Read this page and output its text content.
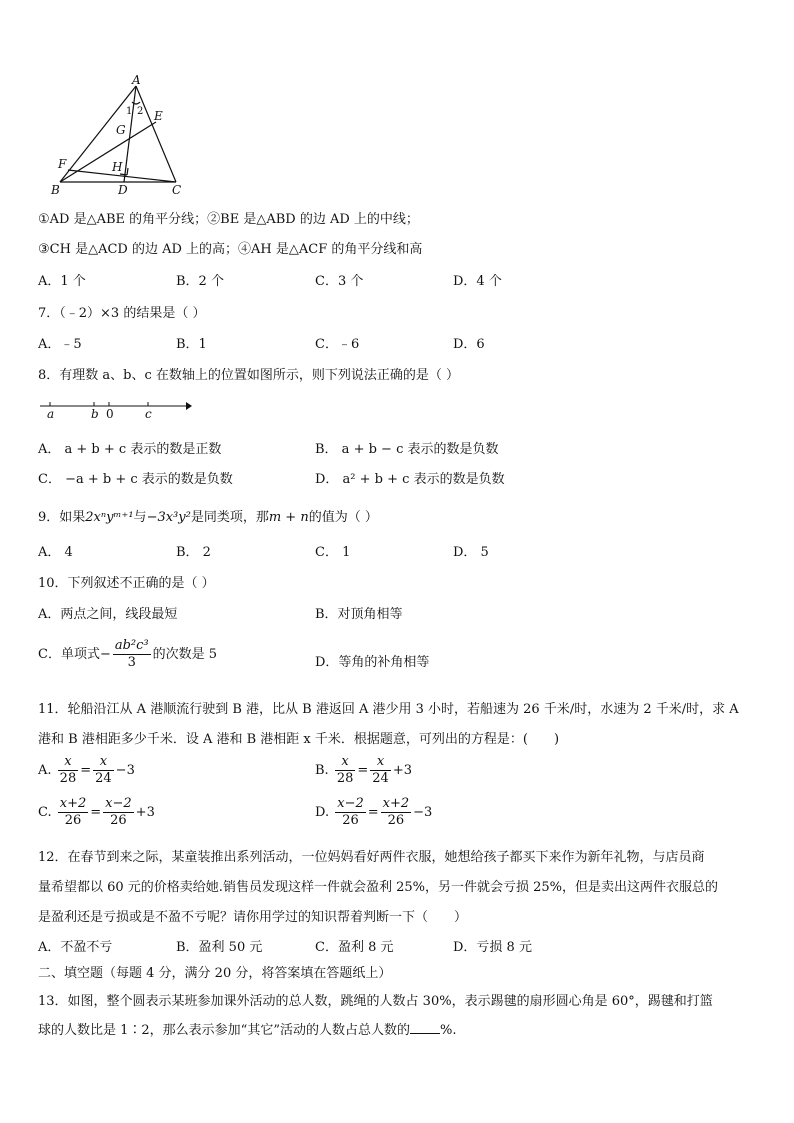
A
B	C
D
E
F
G
H
1 2
①AD 是△ABE 的角平分线；②BE 是△ABD 的边 AD 上的中线；
③CH 是△ACD 的边 AD 上的高；④AH 是△ACF 的角平分线和高
A．1 个	B．2 个	C．3 个	D．4 个
7．（﹣2）×3 的结果是（ ）
A．﹣5	B．1	C．﹣6	D．6
8．有理数 a、b、c 在数轴上的位置如图所示，则下列说法正确的是（ ）
a	b 0	c
A． a + b + c 表示的数是正数	B． a + b − c 表示的数是负数
C． −a + b + c 表示的数是负数	D． a² + b + c 表示的数是负数
9．如果2xⁿyᵐ⁺¹与−3x³y²是同类项，那m + n的值为（ ）
A． 4	B． 2	C． 1	D． 5
10．下列叙述不正确的是（ ）
A．两点之间，线段最短	B．对顶角相等
C．单项式− $\frac{\text{ab²c³}}{3}$ 的次数是 5
D．等角的补角相等
11．轮船沿江从 A 港顺流行驶到 B 港，比从 B 港返回 A 港少用 3 小时，若船速为 26 千米/时，水速为 2 千米/时，求 A
港和 B 港相距多少千米．设 A 港和 B 港相距 x 千米．根据题意，可列出的方程是：(　　)
A. $\frac{x}{28} = \frac{x}{24} -3$	B. $\frac{x}{28} = \frac{x}{24} +3$
C. $\frac{x+2}{26} = \frac{x-2}{26} +3$	D. $\frac{x-2}{26} = \frac{x+2}{26} -3$
12．在春节到来之际，某童装推出系列活动，一位妈妈看好两件衣服，她想给孩子都买下来作为新年礼物，与店员商
量希望都以 60 元的价格卖给她.销售员发现这样一件就会盈利 25%，另一件就会亏损 25%，但是卖出这两件衣服总的
是盈利还是亏损或是不盈不亏呢？请你用学过的知识帮着判断一下（　　）
A．不盈不亏	B．盈利 50 元	C．盈利 8 元	D．亏损 8 元
二、填空题（每题 4 分，满分 20 分，将答案填在答题纸上）
13．如图，整个圆表示某班参加课外活动的总人数，跳绳的人数占 30%，表示踢毽的扇形圆心角是 60°，踢毽和打篮
球的人数比是 1∶2，那么表示参加“其它”活动的人数占总人数的 %.
